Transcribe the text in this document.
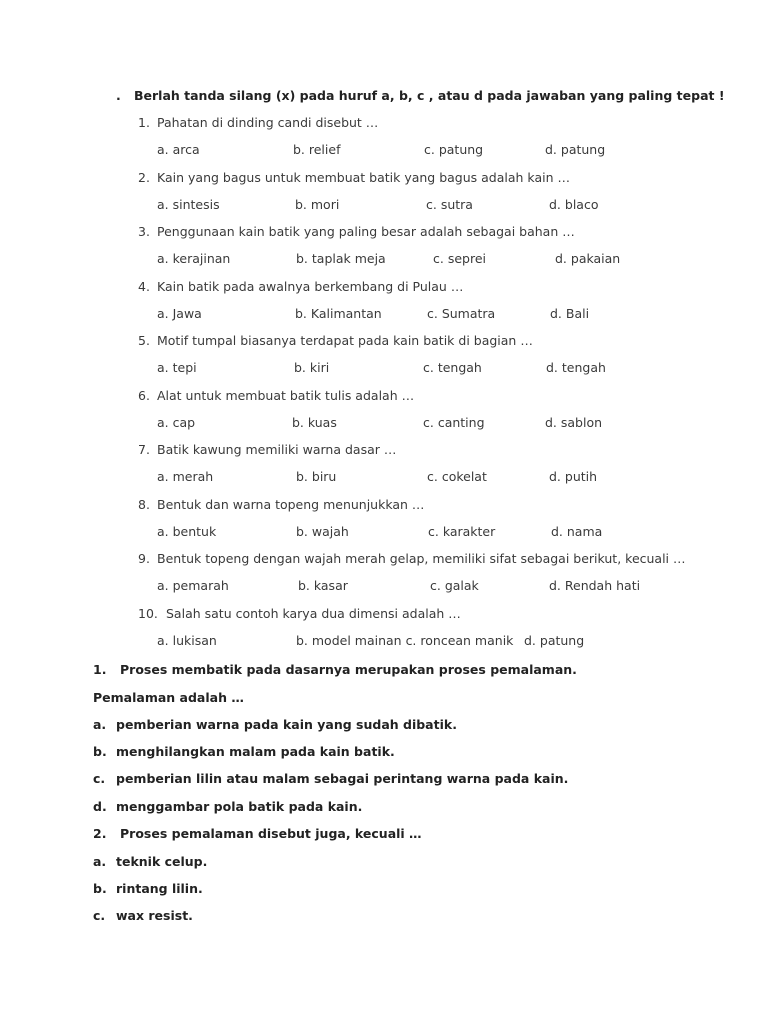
. Berlah tanda silang (x) pada huruf a, b, c , atau d pada jawaban yang paling tepat !
1. Pahatan di dinding candi disebut …
a. arca	b. relief	c. patung	d. patung
2. Kain yang bagus untuk membuat batik yang bagus adalah kain …
a. sintesis	b. mori	c. sutra	d. blaco
3. Penggunaan kain batik yang paling besar adalah sebagai bahan …
a. kerajinan	b. taplak meja	c. seprei	d. pakaian
4. Kain batik pada awalnya berkembang di Pulau …
a. Jawa	b. Kalimantan	c. Sumatra	d. Bali
5. Motif tumpal biasanya terdapat pada kain batik di bagian …
a. tepi	b. kiri	c. tengah	d. tengah
6. Alat untuk membuat batik tulis adalah …
a. cap	b. kuas	c. canting	d. sablon
7. Batik kawung memiliki warna dasar …
a. merah	b. biru	c. cokelat	d. putih
8. Bentuk dan warna topeng menunjukkan …
a. bentuk	b. wajah	c. karakter	d. nama
9. Bentuk topeng dengan wajah merah gelap, memiliki sifat sebagai berikut, kecuali …
a. pemarah	b. kasar	c. galak	d. Rendah hati
10. Salah satu contoh karya dua dimensi adalah …
a. lukisan	b. model mainan c. roncean manik d. patung
1. Proses membatik pada dasarnya merupakan proses pemalaman.
Pemalaman adalah …
a. pemberian warna pada kain yang sudah dibatik.
b. menghilangkan malam pada kain batik.
c. pemberian lilin atau malam sebagai perintang warna pada kain.
d. menggambar pola batik pada kain.
2. Proses pemalaman disebut juga, kecuali …
a. teknik celup.
b. rintang lilin.
c. wax resist.
